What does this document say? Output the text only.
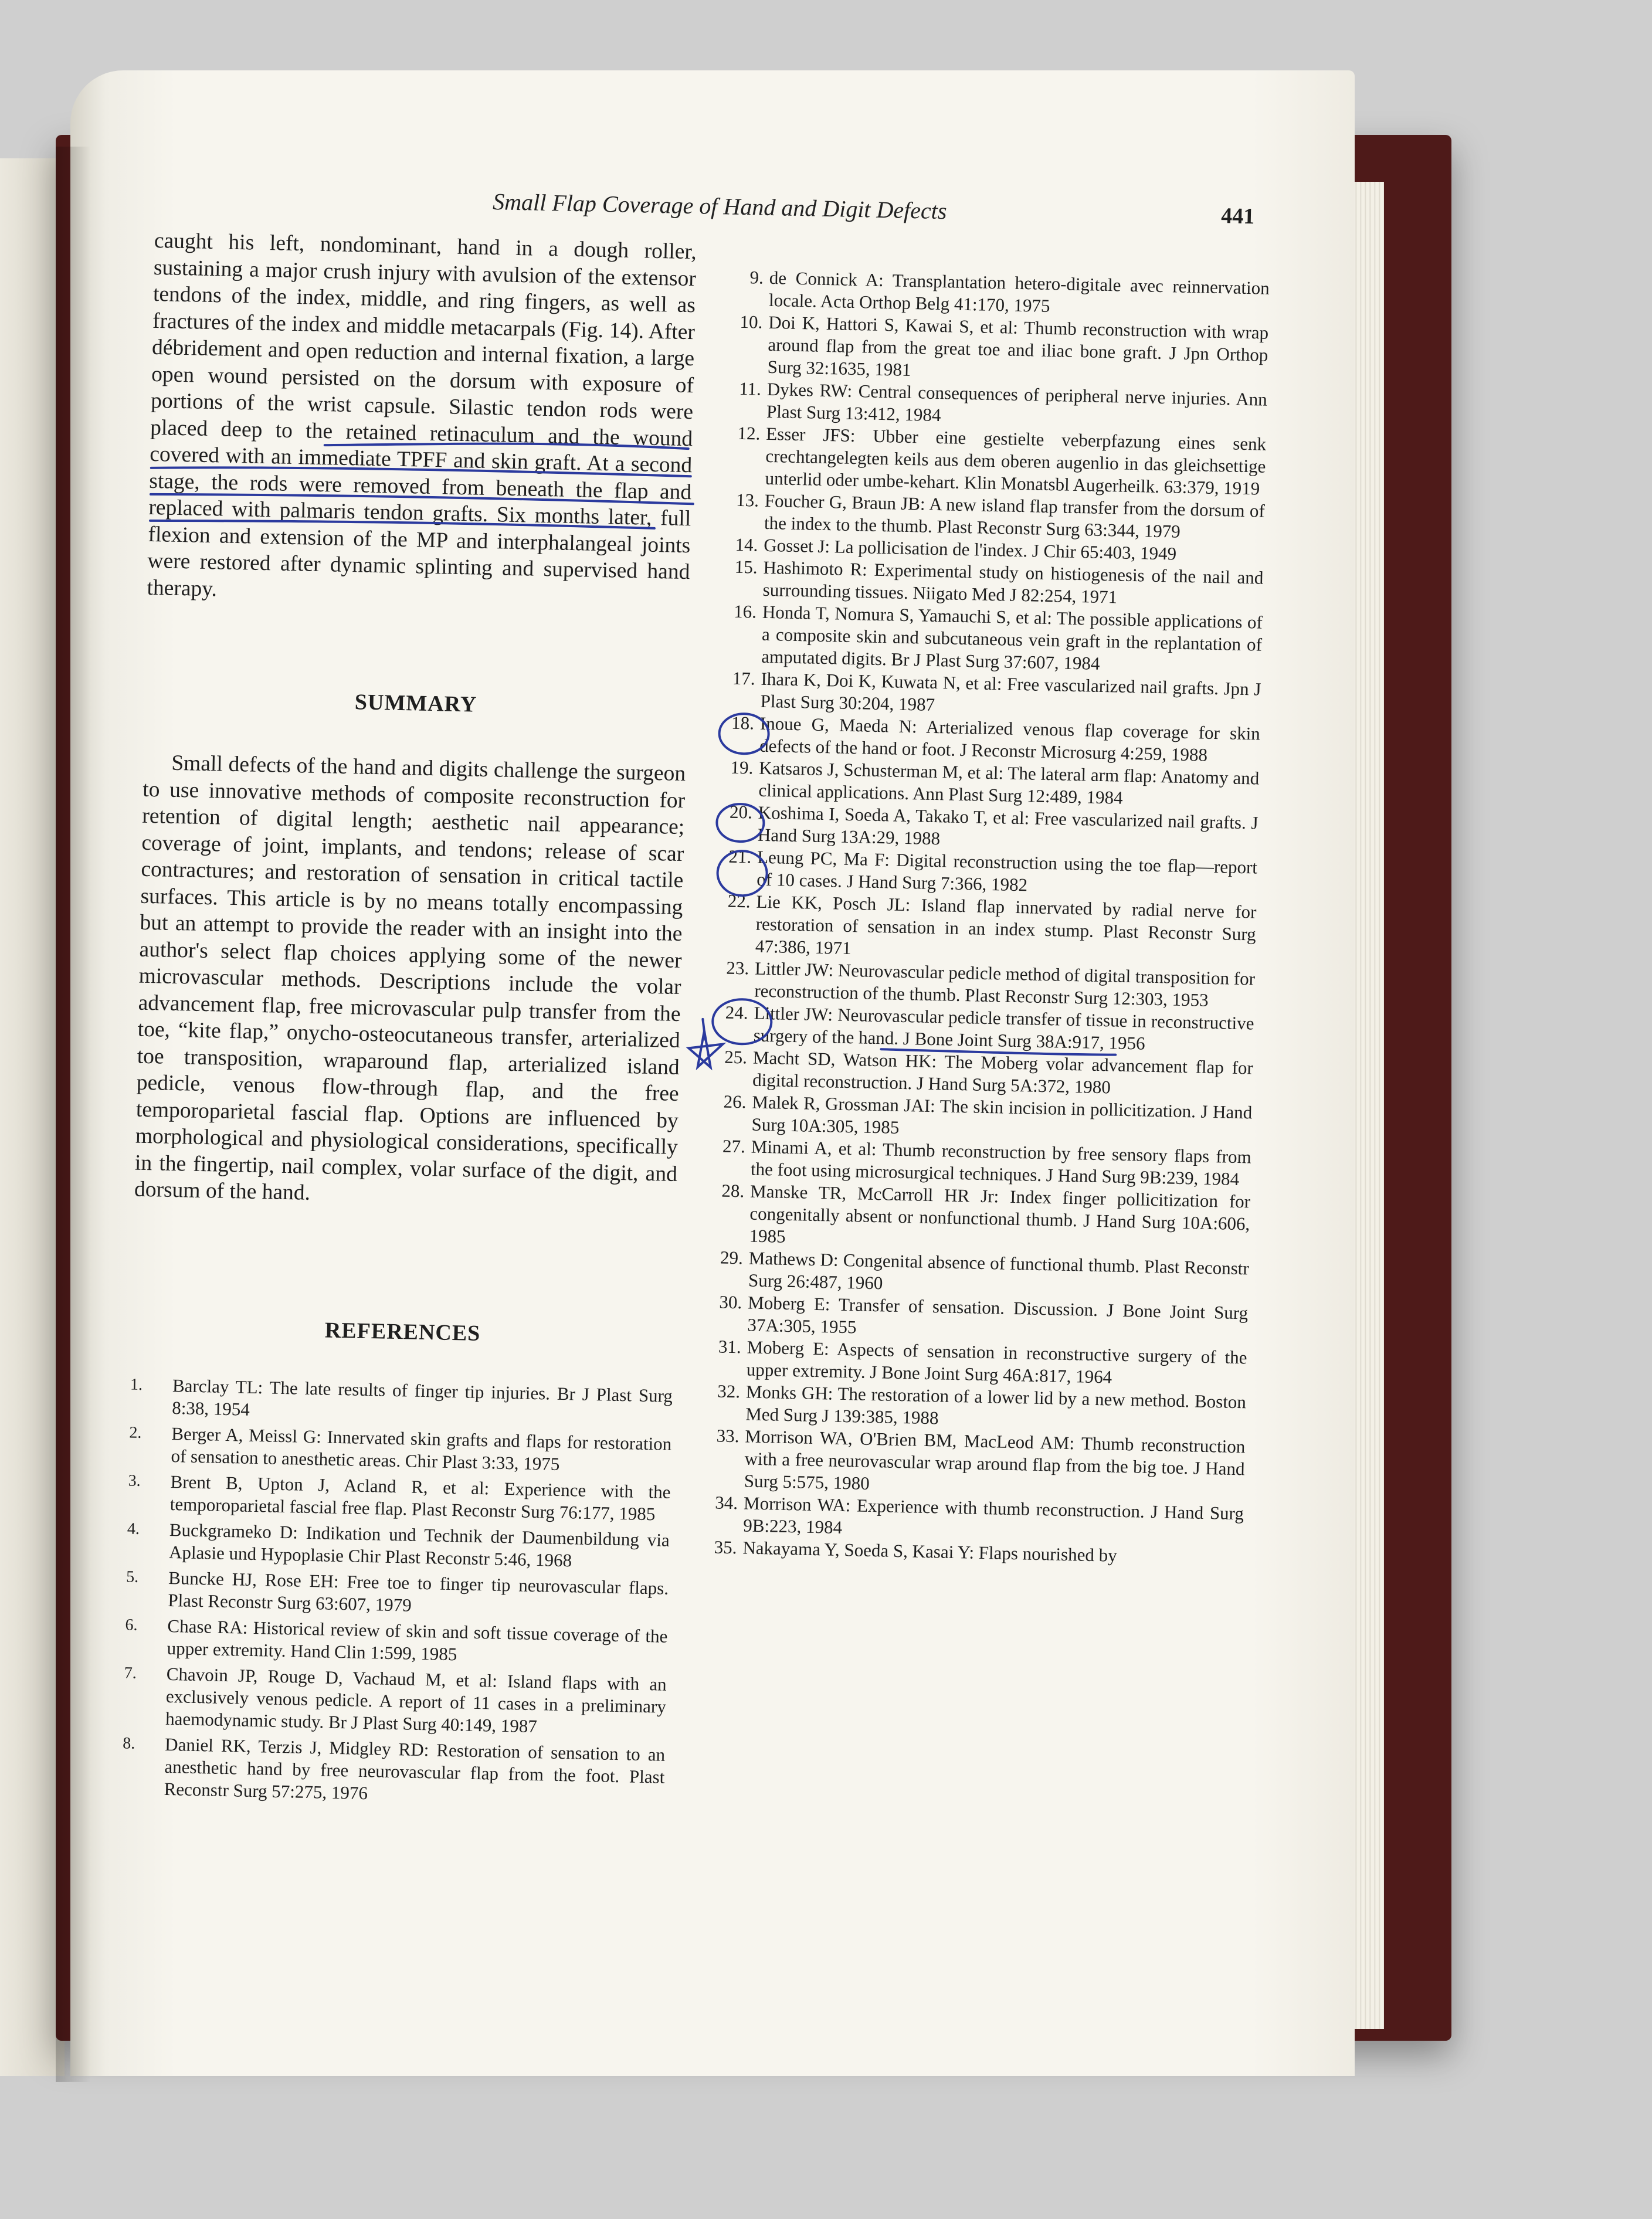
Small Flap Coverage of Hand and Digit Defects	441

caught his left, nondominant, hand in a dough roller, sustaining a major crush injury with avulsion of the extensor tendons of the index, middle, and ring fingers, as well as fractures of the index and middle metacarpals (Fig. 14). After débridement and open reduction and internal fixation, a large open wound persisted on the dorsum with exposure of portions of the wrist capsule. Silastic tendon rods were placed deep to the retained retinaculum and the wound covered with an immediate TPFF and skin graft. At a second stage, the rods were removed from beneath the flap and replaced with palmaris tendon grafts. Six months later, full flexion and extension of the MP and interphalangeal joints were restored after dynamic splinting and supervised hand therapy.

SUMMARY

Small defects of the hand and digits challenge the surgeon to use innovative methods of composite reconstruction for retention of digital length; aesthetic nail appearance; coverage of joint, implants, and tendons; release of scar contractures; and restoration of sensation in critical tactile surfaces. This article is by no means totally encompassing but an attempt to provide the reader with an insight into the author's select flap choices applying some of the newer microvascular methods. Descriptions include the volar advancement flap, free microvascular pulp transfer from the toe, “kite flap,” onycho-osteocutaneous transfer, arterialized toe transposition, wraparound flap, arterialized island pedicle, venous flow-through flap, and the free temporoparietal fascial flap. Options are influenced by morphological and physiological considerations, specifically in the fingertip, nail complex, volar surface of the digit, and dorsum of the hand.

REFERENCES
1.	Barclay TL: The late results of finger tip injuries. Br J Plast Surg 8:38, 1954
2.	Berger A, Meissl G: Innervated skin grafts and flaps for restoration of sensation to anesthetic areas. Chir Plast 3:33, 1975
3.	Brent B, Upton J, Acland R, et al: Experience with the temporoparietal fascial free flap. Plast Reconstr Surg 76:177, 1985
4.	Buckgrameko D: Indikation und Technik der Daumenbildung via Aplasie und Hypoplasie Chir Plast Reconstr 5:46, 1968
5.	Buncke HJ, Rose EH: Free toe to finger tip neurovascular flaps. Plast Reconstr Surg 63:607, 1979
6.	Chase RA: Historical review of skin and soft tissue coverage of the upper extremity. Hand Clin 1:599, 1985
7.	Chavoin JP, Rouge D, Vachaud M, et al: Island flaps with an exclusively venous pedicle. A report of 11 cases in a preliminary haemodynamic study. Br J Plast Surg 40:149, 1987
8.	Daniel RK, Terzis J, Midgley RD: Restoration of sensation to an anesthetic hand by free neurovascular flap from the foot. Plast Reconstr Surg 57:275, 1976
9. de Connick A: Transplantation hetero-digitale avec reinnervation locale. Acta Orthop Belg 41:170, 1975
10. Doi K, Hattori S, Kawai S, et al: Thumb reconstruction with wrap around flap from the great toe and iliac bone graft. J Jpn Orthop Surg 32:1635, 1981
11. Dykes RW: Central consequences of peripheral nerve injuries. Ann Plast Surg 13:412, 1984
12. Esser JFS: Ubber eine gestielte veberpfazung eines senk crechtangelegten keils aus dem oberen augenlio in das gleichsettige unterlid oder umbe-kehart. Klin Monatsbl Augerheilk. 63:379, 1919
13. Foucher G, Braun JB: A new island flap transfer from the dorsum of the index to the thumb. Plast Reconstr Surg 63:344, 1979
14. Gosset J: La pollicisation de l'index. J Chir 65:403, 1949
15. Hashimoto R: Experimental study on histiogenesis of the nail and surrounding tissues. Niigato Med J 82:254, 1971
16. Honda T, Nomura S, Yamauchi S, et al: The possible applications of a composite skin and subcutaneous vein graft in the replantation of amputated digits. Br J Plast Surg 37:607, 1984
17. Ihara K, Doi K, Kuwata N, et al: Free vascularized nail grafts. Jpn J Plast Surg 30:204, 1987
18. Inoue G, Maeda N: Arterialized venous flap coverage for skin defects of the hand or foot. J Reconstr Microsurg 4:259, 1988
19. Katsaros J, Schusterman M, et al: The lateral arm flap: Anatomy and clinical applications. Ann Plast Surg 12:489, 1984
20. Koshima I, Soeda A, Takako T, et al: Free vascularized nail grafts. J Hand Surg 13A:29, 1988
21. Leung PC, Ma F: Digital reconstruction using the toe flap—report of 10 cases. J Hand Surg 7:366, 1982
22. Lie KK, Posch JL: Island flap innervated by radial nerve for restoration of sensation in an index stump. Plast Reconstr Surg 47:386, 1971
23. Littler JW: Neurovascular pedicle method of digital transposition for reconstruction of the thumb. Plast Reconstr Surg 12:303, 1953
24. Littler JW: Neurovascular pedicle transfer of tissue in reconstructive surgery of the hand. J Bone Joint Surg 38A:917, 1956
25. Macht SD, Watson HK: The Moberg volar advancement flap for digital reconstruction. J Hand Surg 5A:372, 1980
26. Malek R, Grossman JAI: The skin incision in pollicitization. J Hand Surg 10A:305, 1985
27. Minami A, et al: Thumb reconstruction by free sensory flaps from the foot using microsurgical techniques. J Hand Surg 9B:239, 1984
28. Manske TR, McCarroll HR Jr: Index finger pollicitization for congenitally absent or nonfunctional thumb. J Hand Surg 10A:606, 1985
29. Mathews D: Congenital absence of functional thumb. Plast Reconstr Surg 26:487, 1960
30. Moberg E: Transfer of sensation. Discussion. J Bone Joint Surg 37A:305, 1955
31. Moberg E: Aspects of sensation in reconstructive surgery of the upper extremity. J Bone Joint Surg 46A:817, 1964
32. Monks GH: The restoration of a lower lid by a new method. Boston Med Surg J 139:385, 1988
33. Morrison WA, O'Brien BM, MacLeod AM: Thumb reconstruction with a free neurovascular wrap around flap from the big toe. J Hand Surg 5:575, 1980
34. Morrison WA: Experience with thumb reconstruction. J Hand Surg 9B:223, 1984
35. Nakayama Y, Soeda S, Kasai Y: Flaps nourished by
